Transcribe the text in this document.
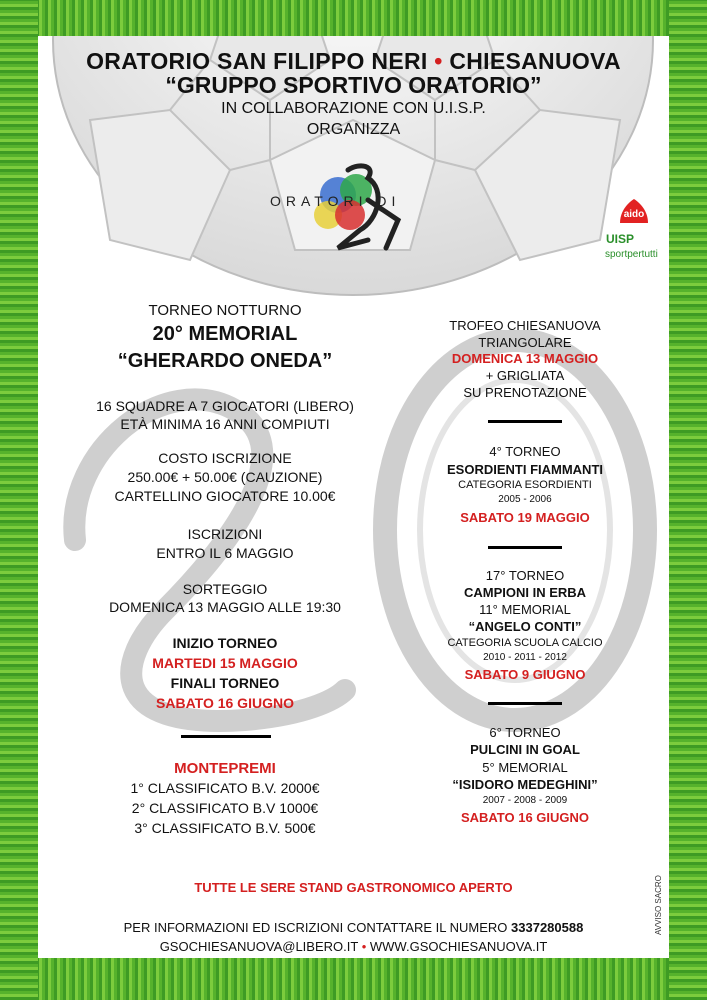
ORATORIO SAN FILIPPO NERI • CHIESANUOVA
“GRUPPO SPORTIVO ORATORIO”
IN COLLABORAZIONE CON U.I.S.P.
ORGANIZZA
ORATORI DI
aido
UISP
sportpertutti
TORNEO NOTTURNO
20° MEMORIAL
“GHERARDO ONEDA”
16 SQUADRE A 7 GIOCATORI (LIBERO)
ETÀ MINIMA 16 ANNI COMPIUTI
COSTO ISCRIZIONE
250.00€ + 50.00€ (CAUZIONE)
CARTELLINO GIOCATORE 10.00€
ISCRIZIONI
ENTRO IL 6 MAGGIO
SORTEGGIO
DOMENICA 13 MAGGIO ALLE 19:30
INIZIO TORNEO
MARTEDI 15 MAGGIO
FINALI TORNEO
SABATO 16 GIUGNO
MONTEPREMI
1° CLASSIFICATO B.V. 2000€
2° CLASSIFICATO B.V 1000€
3° CLASSIFICATO B.V. 500€
TROFEO CHIESANUOVA
TRIANGOLARE
DOMENICA 13 MAGGIO
+ GRIGLIATA
SU PRENOTAZIONE
4° TORNEO
ESORDIENTI FIAMMANTI
CATEGORIA ESORDIENTI
2005 - 2006
SABATO 19 MAGGIO
17° TORNEO
CAMPIONI IN ERBA
11° MEMORIAL
“ANGELO CONTI”
CATEGORIA SCUOLA CALCIO
2010 - 2011 - 2012
SABATO 9 GIUGNO
6° TORNEO
PULCINI IN GOAL
5° MEMORIAL
“ISIDORO MEDEGHINI”
2007 - 2008 - 2009
SABATO 16 GIUGNO
TUTTE LE SERE STAND GASTRONOMICO APERTO
PER INFORMAZIONI ED ISCRIZIONI CONTATTARE IL NUMERO 3337280588
GSOCHIESANUOVA@LIBERO.IT • WWW.GSOCHIESANUOVA.IT
AVVISO SACRO
